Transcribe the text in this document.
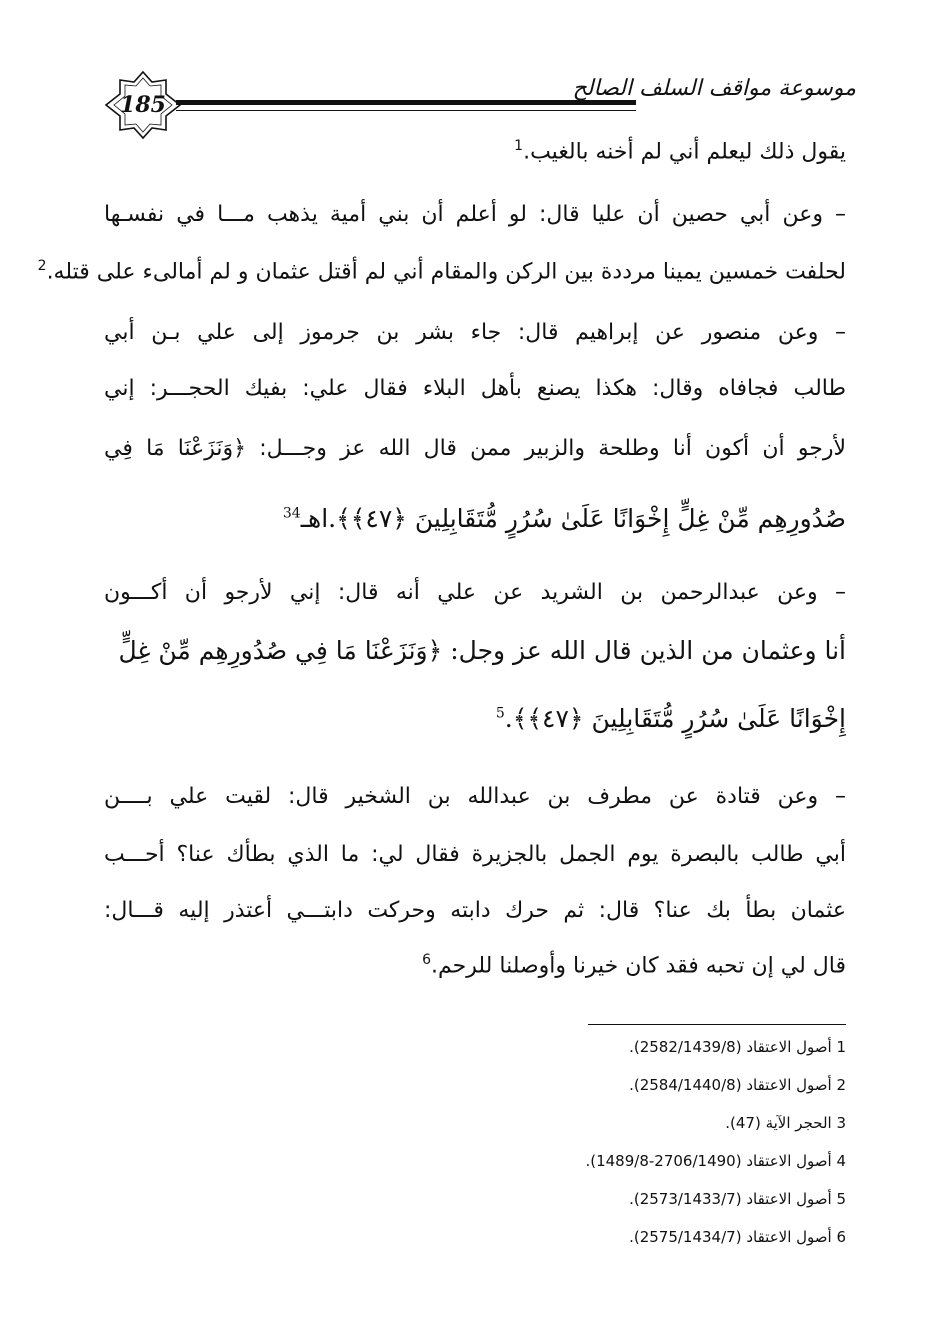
185
موسوعة مواقف السلف الصالح
يقول ذلك ليعلم أني لم أخنه بالغيب.$^1$
– وعن أبي حصين أن عليا قال: لو أعلم أن بني أمية يذهب مـــا في نفسـها
لحلفت خمسين يمينا مرددة بين الركن والمقام أني لم أقتل عثمان و لم أمالىء على قتله.$^2$
– وعن منصور عن إبراهيم قال: جاء بشر بن جرموز إلى علي بـن أبي
طالب فجافاه وقال: هكذا يصنع بأهل البلاء فقال علي: بفيك الحجـــر: إني
لأرجو أن أكون أنا وطلحة والزبير ممن قال الله عز وجـــل: ﴿وَنَزَعْنَا مَا فِي
صُدُورِهِم مِّنْ غِلٍّ إِخْوَانًا عَلَىٰ سُرُرٍ مُّتَقَابِلِينَ ﴿٤٧﴾﴾.اهـ$^{34}$
– وعن عبدالرحمن بن الشريد عن علي أنه قال: إني لأرجو أن أكـــون
أنا وعثمان من الذين قال الله عز وجل: ﴿وَنَزَعْنَا مَا فِي صُدُورِهِم مِّنْ غِلٍّ
إِخْوَانًا عَلَىٰ سُرُرٍ مُّتَقَابِلِينَ ﴿٤٧﴾﴾.$^5$
– وعن قتادة عن مطرف بن عبدالله بن الشخير قال: لقيت علي بــــن
أبي طالب بالبصرة يوم الجمل بالجزيرة فقال لي: ما الذي بطأك عنا؟ أحـــب
عثمان بطأ بك عنا؟ قال: ثم حرك دابته وحركت دابتـــي أعتذر إليه قـــال:
قال لي إن تحبه فقد كان خيرنا وأوصلنا للرحم.$^6$
1 أصول الاعتقاد (2582/1439/8).
2 أصول الاعتقاد (2584/1440/8).
3 الحجر الآية (47).
4 أصول الاعتقاد (2706/1490-1489/8).
5 أصول الاعتقاد (2573/1433/7).
6 أصول الاعتقاد (2575/1434/7).
